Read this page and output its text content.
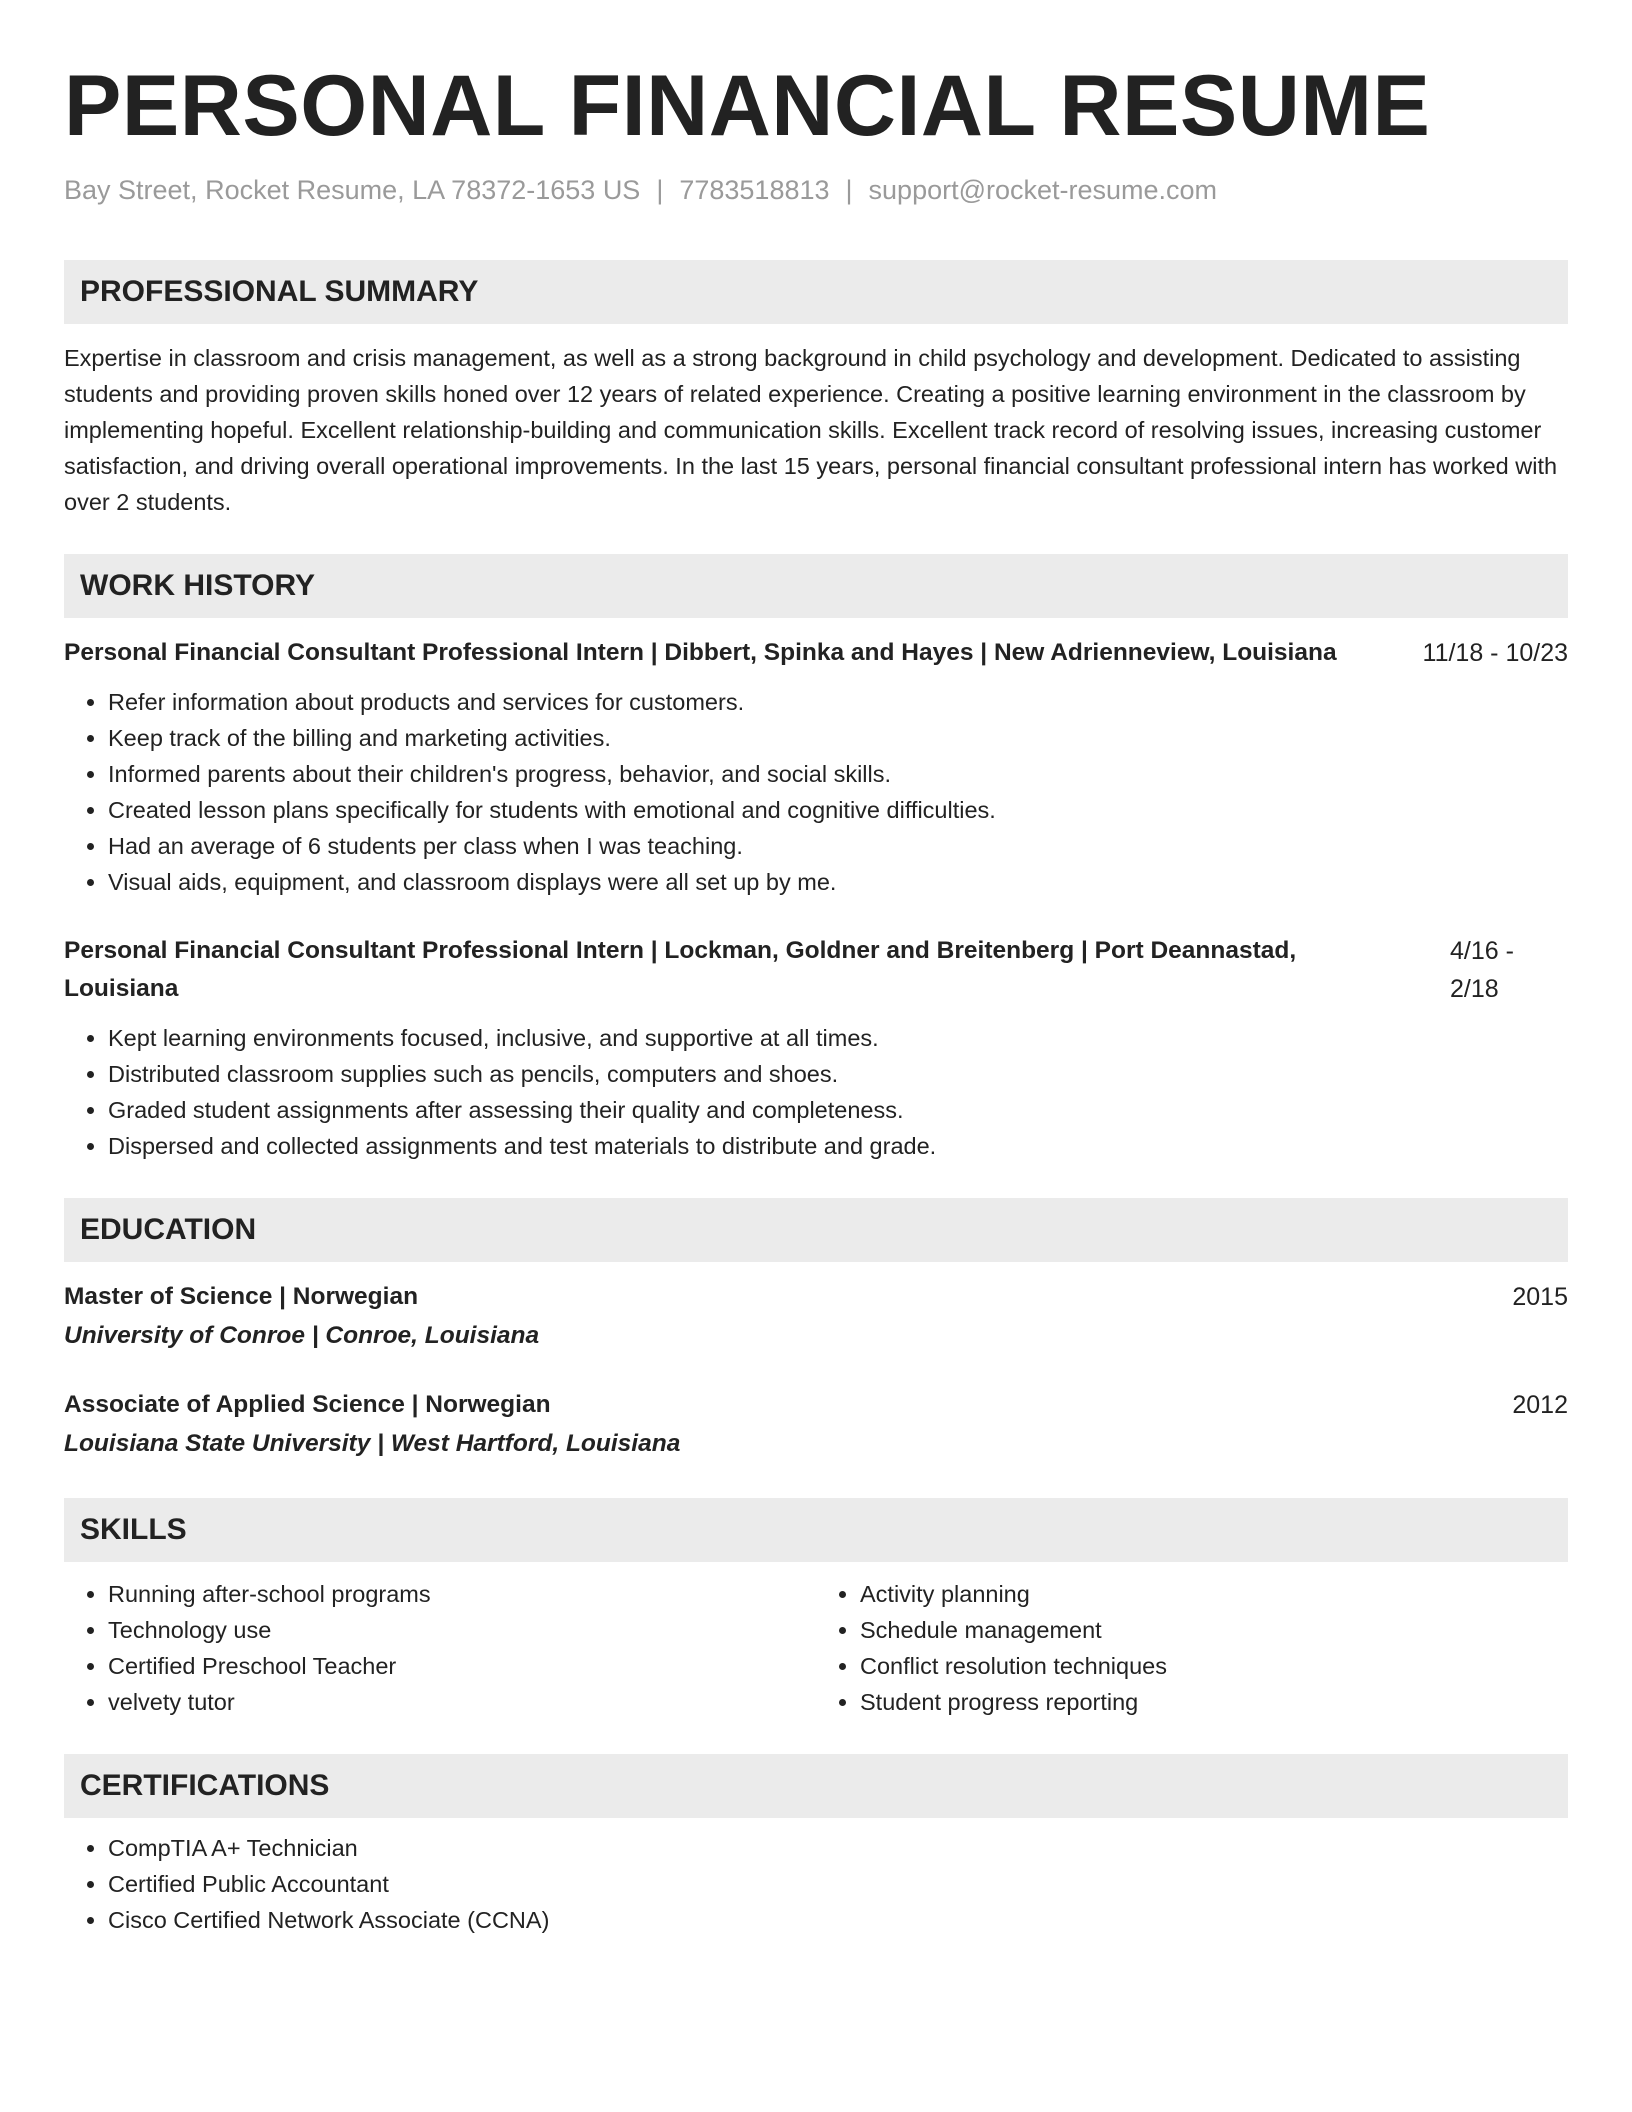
PERSONAL FINANCIAL RESUME
Bay Street, Rocket Resume, LA 78372-1653 US | 7783518813 | support@rocket-resume.com
PROFESSIONAL SUMMARY

Expertise in classroom and crisis management, as well as a strong background in child psychology and development. Dedicated to assisting students and providing proven skills honed over 12 years of related experience. Creating a positive learning environment in the classroom by implementing hopeful. Excellent relationship-building and communication skills. Excellent track record of resolving issues, increasing customer satisfaction, and driving overall operational improvements. In the last 15 years, personal financial consultant professional intern has worked with over 2 students.

WORK HISTORY
Personal Financial Consultant Professional Intern | Dibbert, Spinka and Hayes | New Adrienneview, Louisiana	11/18 - 10/23
• Refer information about products and services for customers.
• Keep track of the billing and marketing activities.
• Informed parents about their children's progress, behavior, and social skills.
• Created lesson plans specifically for students with emotional and cognitive difficulties.
• Had an average of 6 students per class when I was teaching.
• Visual aids, equipment, and classroom displays were all set up by me.
Personal Financial Consultant Professional Intern | Lockman, Goldner and Breitenberg | Port Deannastad, Louisiana
4/16 - 2/18
• Kept learning environments focused, inclusive, and supportive at all times.
• Distributed classroom supplies such as pencils, computers and shoes.
• Graded student assignments after assessing their quality and completeness.
• Dispersed and collected assignments and test materials to distribute and grade.
EDUCATION
Master of Science | Norwegian	2015
University of Conroe | Conroe, Louisiana
Associate of Applied Science | Norwegian	2012
Louisiana State University | West Hartford, Louisiana
SKILLS
• Running after-school programs
• Technology use
• Certified Preschool Teacher
• velvety tutor
• Activity planning
• Schedule management
• Conflict resolution techniques
• Student progress reporting
CERTIFICATIONS
• CompTIA A+ Technician
• Certified Public Accountant
• Cisco Certified Network Associate (CCNA)
